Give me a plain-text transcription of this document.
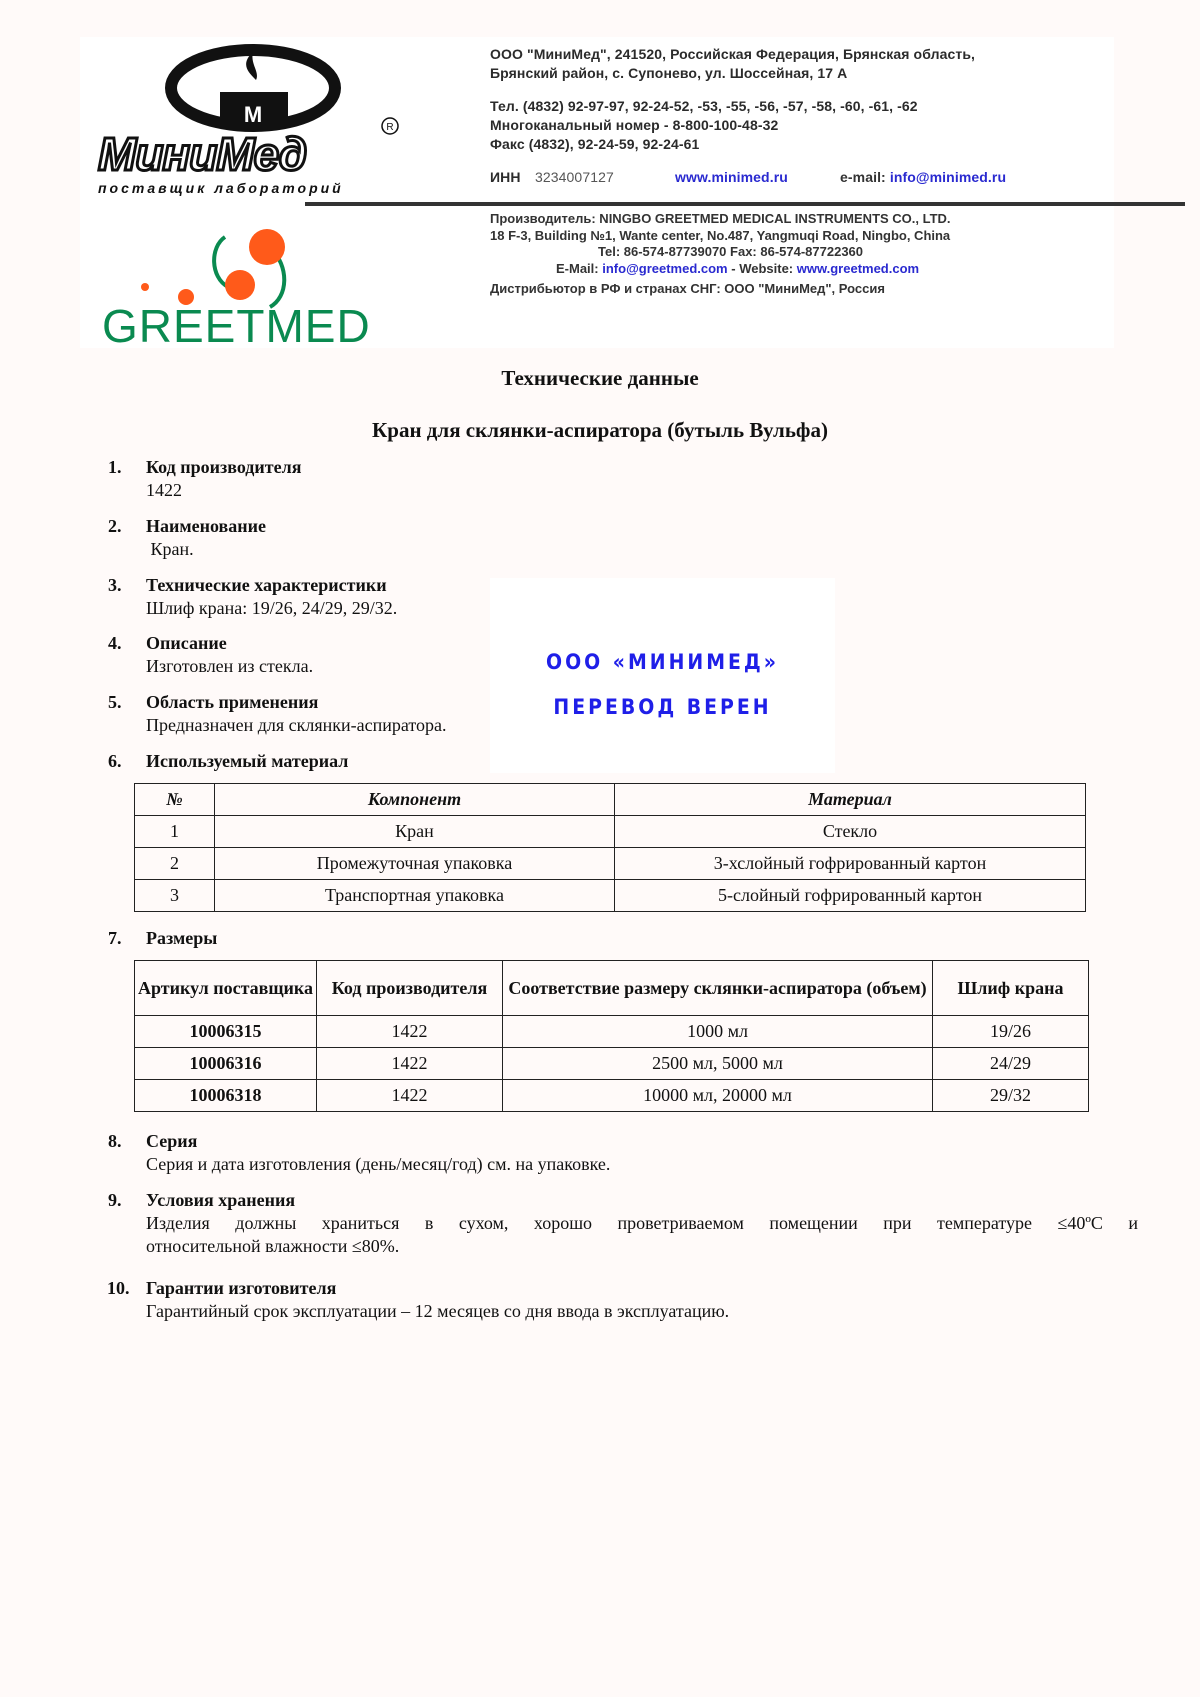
M
МиниМед
R
поставщик лабораторий
GREETMED
ООО "МиниМед", 241520, Российская Федерация, Брянская область,
Брянский район, с. Супонево, ул. Шоссейная, 17 А
Тел. (4832) 92-97-97, 92-24-52, -53, -55, -56, -57, -58, -60, -61, -62
Многоканальный номер - 8-800-100-48-32
Факс (4832), 92-24-59, 92-24-61
ИНН	3234007127	www.minimed.ru	e-mail:
info@minimed.ru
Производитель: NINGBO GREETMED MEDICAL INSTRUMENTS CO., LTD.
18 F-3, Building №1, Wante center, No.487, Yangmuqi Road, Ningbo, China
Tel: 86-574-87739070 Fax: 86-574-87722360
E-Mail: info@greetmed.com - Website: www.greetmed.com
Дистрибьютор в РФ и странах СНГ: ООО "МиниМед", Россия
Технические данные
Кран для склянки-аспиратора (бутыль Вульфа)
ООО «МИНИМЕД»
ПЕРЕВОД ВЕРЕН
1. Код производителя
1422
2. Наименование
Кран.
3. Технические характеристики
Шлиф крана: 19/26, 24/29, 29/32.
4. Описание
Изготовлен из стекла.
5. Область применения
Предназначен для склянки-аспиратора.
6. Используемый материал
№	Компонент	Материал
1	Кран	Стекло
2	Промежуточная упаковка	3-хслойный гофрированный картон
3	Транспортная упаковка	5-слойный гофрированный картон
7. Размеры
Артикул поставщика	Код производителя	Соответствие размеру склянки-аспиратора (объем)	Шлиф крана
10006315	1422	1000 мл	19/26
10006316	1422	2500 мл, 5000 мл	24/29
10006318	1422	10000 мл, 20000 мл	29/32
8. Серия
Серия и дата изготовления (день/месяц/год) см. на упаковке.
9. Условия хранения
Изделия должны храниться в сухом, хорошо проветриваемом помещении при температуре ≤40ºС и
относительной влажности ≤80%.
10. Гарантии изготовителя
Гарантийный срок эксплуатации – 12 месяцев со дня ввода в эксплуатацию.
